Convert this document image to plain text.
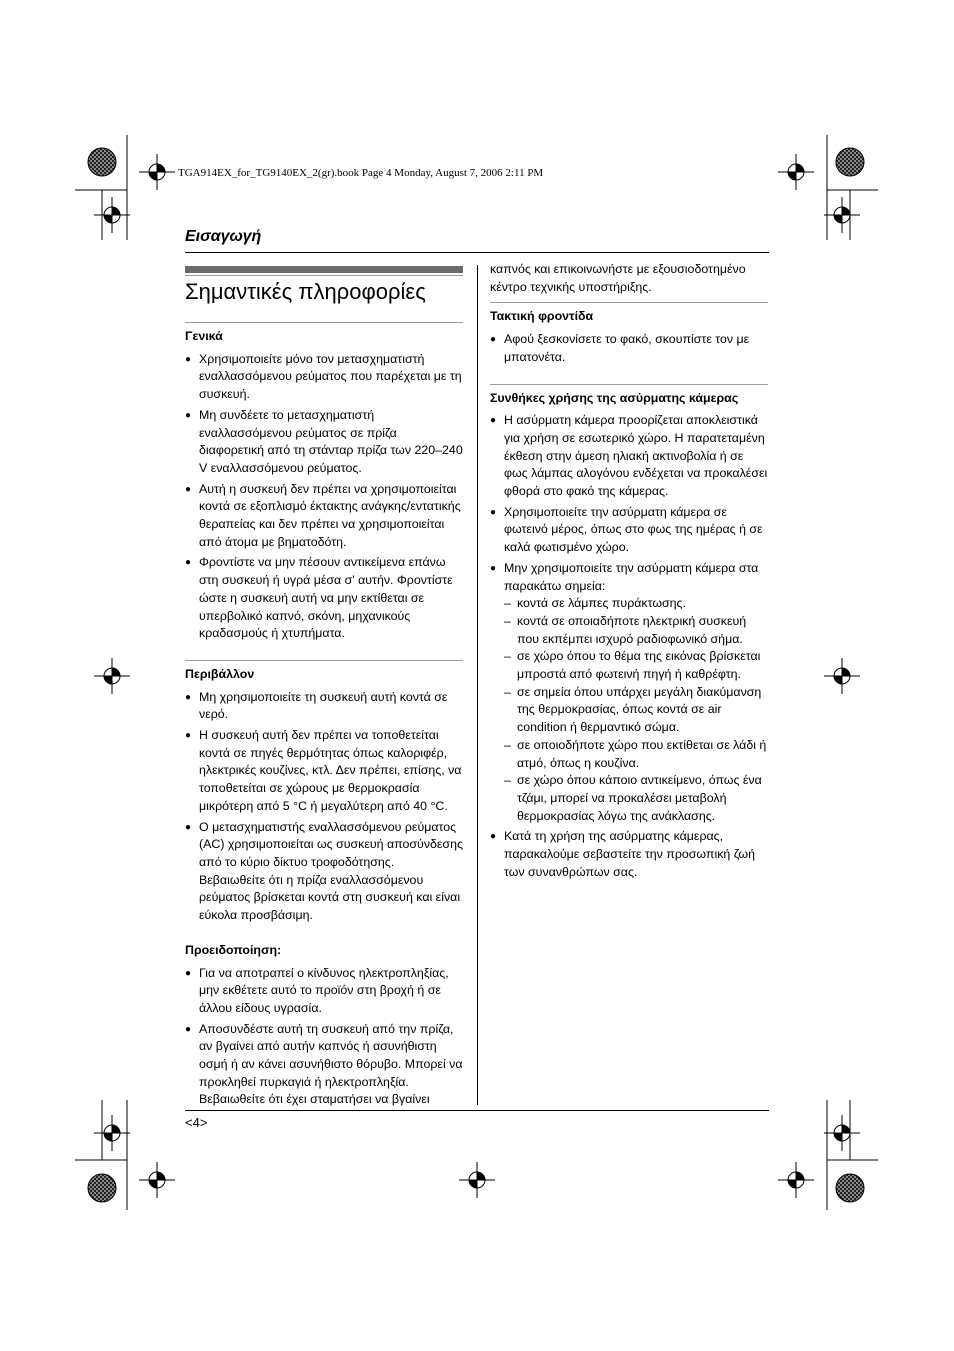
TGA914EX_for_TG9140EX_2(gr).book Page 4 Monday, August 7, 2006 2:11 PM
Εισαγωγή
Σημαντικές πληροφορίες
Γενικά
● Χρησιμοποιείτε μόνο τον μετασχηματιστή εναλλασσόμενου ρεύματος που παρέχεται με τη συσκευή.
● Μη συνδέετε το μετασχηματιστή εναλλασσόμενου ρεύματος σε πρίζα διαφορετική από τη στάνταρ πρίζα των 220–240 V εναλλασσόμενου ρεύματος.
● Αυτή η συσκευή δεν πρέπει να χρησιμοποιείται κοντά σε εξοπλισμό έκτακτης ανάγκης/εντατικής θεραπείας και δεν πρέπει να χρησιμοποιείται από άτομα με βηματοδότη.
● Φροντίστε να μην πέσουν αντικείμενα επάνω στη συσκευή ή υγρά μέσα σ' αυτήν. Φροντίστε ώστε η συσκευή αυτή να μην εκτίθεται σε υπερβολικό καπνό, σκόνη, μηχανικούς κραδασμούς ή χτυπήματα.
Περιβάλλον
● Μη χρησιμοποιείτε τη συσκευή αυτή κοντά σε νερό.
● Η συσκευή αυτή δεν πρέπει να τοποθετείται κοντά σε πηγές θερμότητας όπως καλοριφέρ, ηλεκτρικές κουζίνες, κτλ. Δεν πρέπει, επίσης, να τοποθετείται σε χώρους με θερμοκρασία μικρότερη από 5 °C ή μεγαλύτερη από 40 °C.
● Ο μετασχηματιστής εναλλασσόμενου ρεύματος (AC) χρησιμοποιείται ως συσκευή αποσύνδεσης από το κύριο δίκτυο τροφοδότησης. Βεβαιωθείτε ότι η πρίζα εναλλασσόμενου ρεύματος βρίσκεται κοντά στη συσκευή και είναι εύκολα προσβάσιμη.
Προειδοποίηση:
● Για να αποτραπεί ο κίνδυνος ηλεκτροπληξίας, μην εκθέτετε αυτό το προϊόν στη βροχή ή σε άλλου είδους υγρασία.
● Αποσυνδέστε αυτή τη συσκευή από την πρίζα, αν βγαίνει από αυτήν καπνός ή ασυνήθιστη οσμή ή αν κάνει ασυνήθιστο θόρυβο. Μπορεί να προκληθεί πυρκαγιά ή ηλεκτροπληξία. Βεβαιωθείτε ότι έχει σταματήσει να βγαίνει
καπνός και επικοινωνήστε με εξουσιοδοτημένο κέντρο τεχνικής υποστήριξης.
Τακτική φροντίδα
● Αφού ξεσκονίσετε το φακό, σκουπίστε τον με μπατονέτα.
Συνθήκες χρήσης της ασύρματης κάμερας
● Η ασύρματη κάμερα προορίζεται αποκλειστικά για χρήση σε εσωτερικό χώρο. Η παρατεταμένη έκθεση στην άμεση ηλιακή ακτινοβολία ή σε φως λάμπας αλογόνου ενδέχεται να προκαλέσει φθορά στο φακό της κάμερας.
● Χρησιμοποιείτε την ασύρματη κάμερα σε φωτεινό μέρος, όπως στο φως της ημέρας ή σε καλά φωτισμένο χώρο.
● Μην χρησιμοποιείτε την ασύρματη κάμερα στα παρακάτω σημεία:
– κοντά σε λάμπες πυράκτωσης.
– κοντά σε οποιαδήποτε ηλεκτρική συσκευή που εκπέμπει ισχυρό ραδιοφωνικό σήμα.
– σε χώρο όπου το θέμα της εικόνας βρίσκεται μπροστά από φωτεινή πηγή ή καθρέφτη.
– σε σημεία όπου υπάρχει μεγάλη διακύμανση της θερμοκρασίας, όπως κοντά σε air condition ή θερμαντικό σώμα.
– σε οποιοδήποτε χώρο που εκτίθεται σε λάδι ή ατμό, όπως η κουζίνα.
– σε χώρο όπου κάποιο αντικείμενο, όπως ένα τζάμι, μπορεί να προκαλέσει μεταβολή θερμοκρασίας λόγω της ανάκλασης.
● Κατά τη χρήση της ασύρματης κάμερας, παρακαλούμε σεβαστείτε την προσωπική ζωή των συνανθρώπων σας.
<4>
